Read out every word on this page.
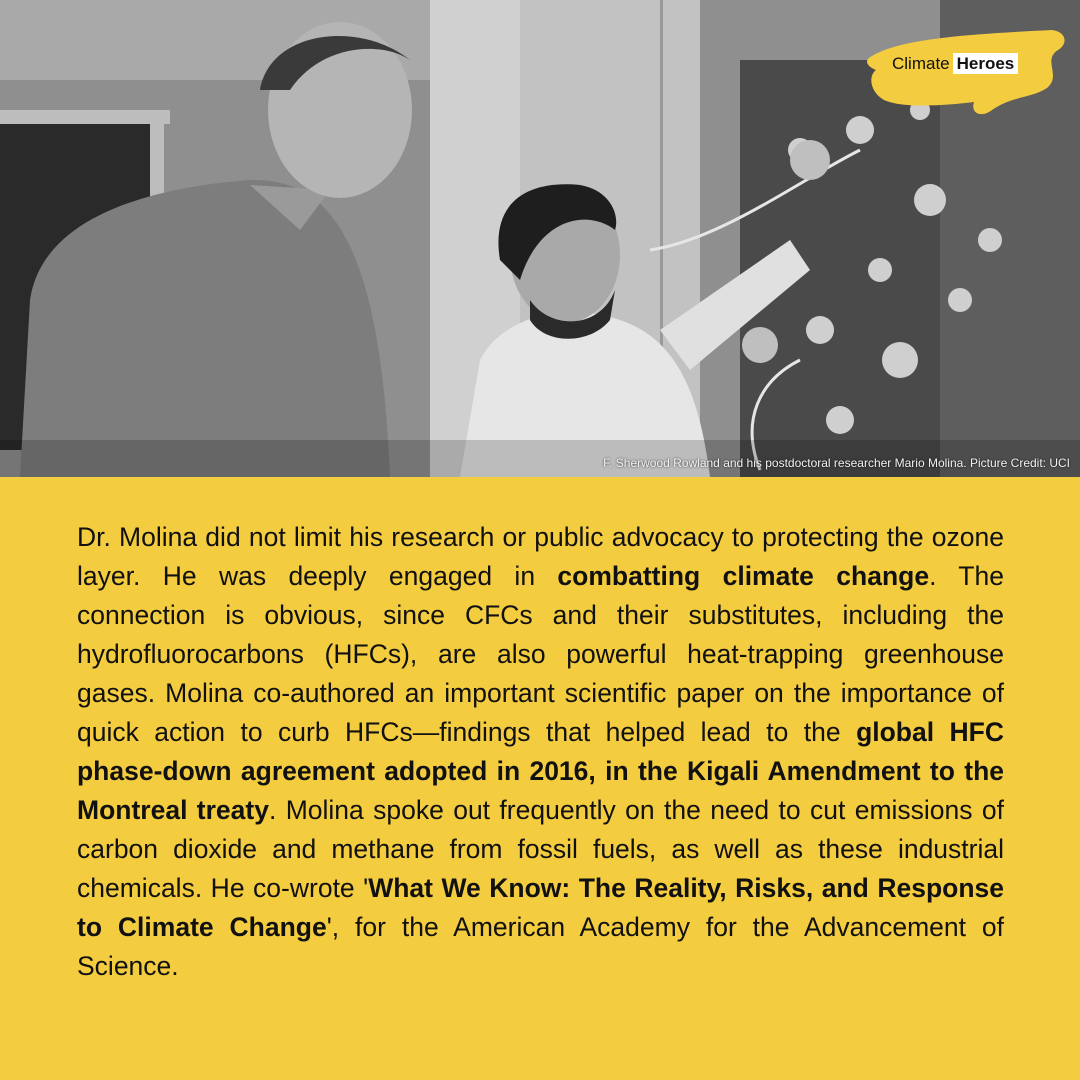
F. Sherwood Rowland and his postdoctoral researcher Mario Molina. Picture Credit: UCI
Climate Heroes

Dr. Molina did not limit his research or public advocacy to protecting the ozone layer. He was deeply engaged in combatting climate change. The connection is obvious, since CFCs and their substitutes, including the hydrofluorocarbons (HFCs), are also powerful heat-trapping greenhouse gases. Molina co-authored an important scientific paper on the importance of quick action to curb HFCs—findings that helped lead to the global HFC phase-down agreement adopted in 2016, in the Kigali Amendment to the Montreal treaty. Molina spoke out frequently on the need to cut emissions of carbon dioxide and methane from fossil fuels, as well as these industrial chemicals. He co-wrote 'What We Know: The Reality, Risks, and Response to Climate Change', for the American Academy for the Advancement of Science.
